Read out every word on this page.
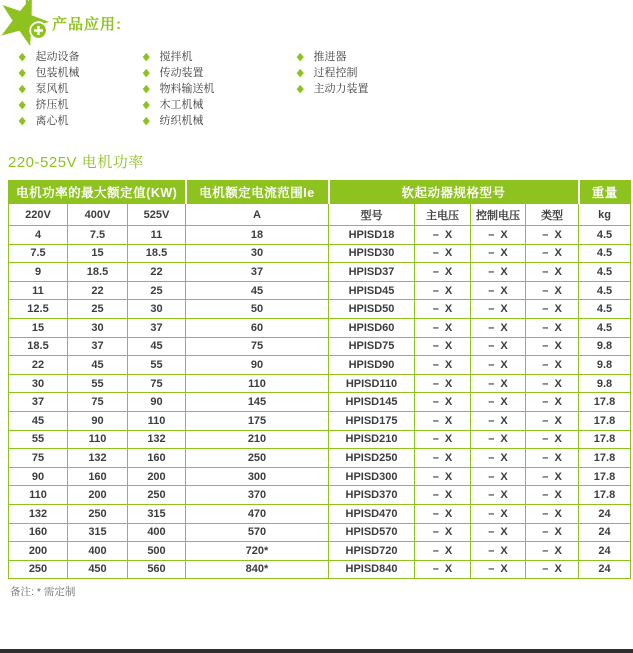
产品应用:
◆ 起动设备
◆ 包装机械
◆ 泵风机
◆ 挤压机
◆ 离心机
◆ 搅拌机
◆ 传动装置
◆ 物料输送机
◆ 木工机械
◆ 纺织机械
◆ 推进器
◆ 过程控制
◆ 主动力装置
220-525V 电机功率
电机功率的最大额定值(KW)			电机额定电流范围Ie	软起动器规格型号				重量
220V	400V	525V	A	型号	主电压	控制电压	类型	kg
4	7.5	11	18	HPISD18	–  X	–  X	–  X	4.5
7.5	15	18.5	30	HPISD30	–  X	–  X	–  X	4.5
9	18.5	22	37	HPISD37	–  X	–  X	–  X	4.5
11	22	25	45	HPISD45	–  X	–  X	–  X	4.5
12.5	25	30	50	HPISD50	–  X	–  X	–  X	4.5
15	30	37	60	HPISD60	–  X	–  X	–  X	4.5
18.5	37	45	75	HPISD75	–  X	–  X	–  X	9.8
22	45	55	90	HPISD90	–  X	–  X	–  X	9.8
30	55	75	110	HPISD110	–  X	–  X	–  X	9.8
37	75	90	145	HPISD145	–  X	–  X	–  X	17.8
45	90	110	175	HPISD175	–  X	–  X	–  X	17.8
55	110	132	210	HPISD210	–  X	–  X	–  X	17.8
75	132	160	250	HPISD250	–  X	–  X	–  X	17.8
90	160	200	300	HPISD300	–  X	–  X	–  X	17.8
110	200	250	370	HPISD370	–  X	–  X	–  X	17.8
132	250	315	470	HPISD470	–  X	–  X	–  X	24
160	315	400	570	HPISD570	–  X	–  X	–  X	24
200	400	500	720*	HPISD720	–  X	–  X	–  X	24
250	450	560	840*	HPISD840	–  X	–  X	–  X	24
备注: * 需定制
